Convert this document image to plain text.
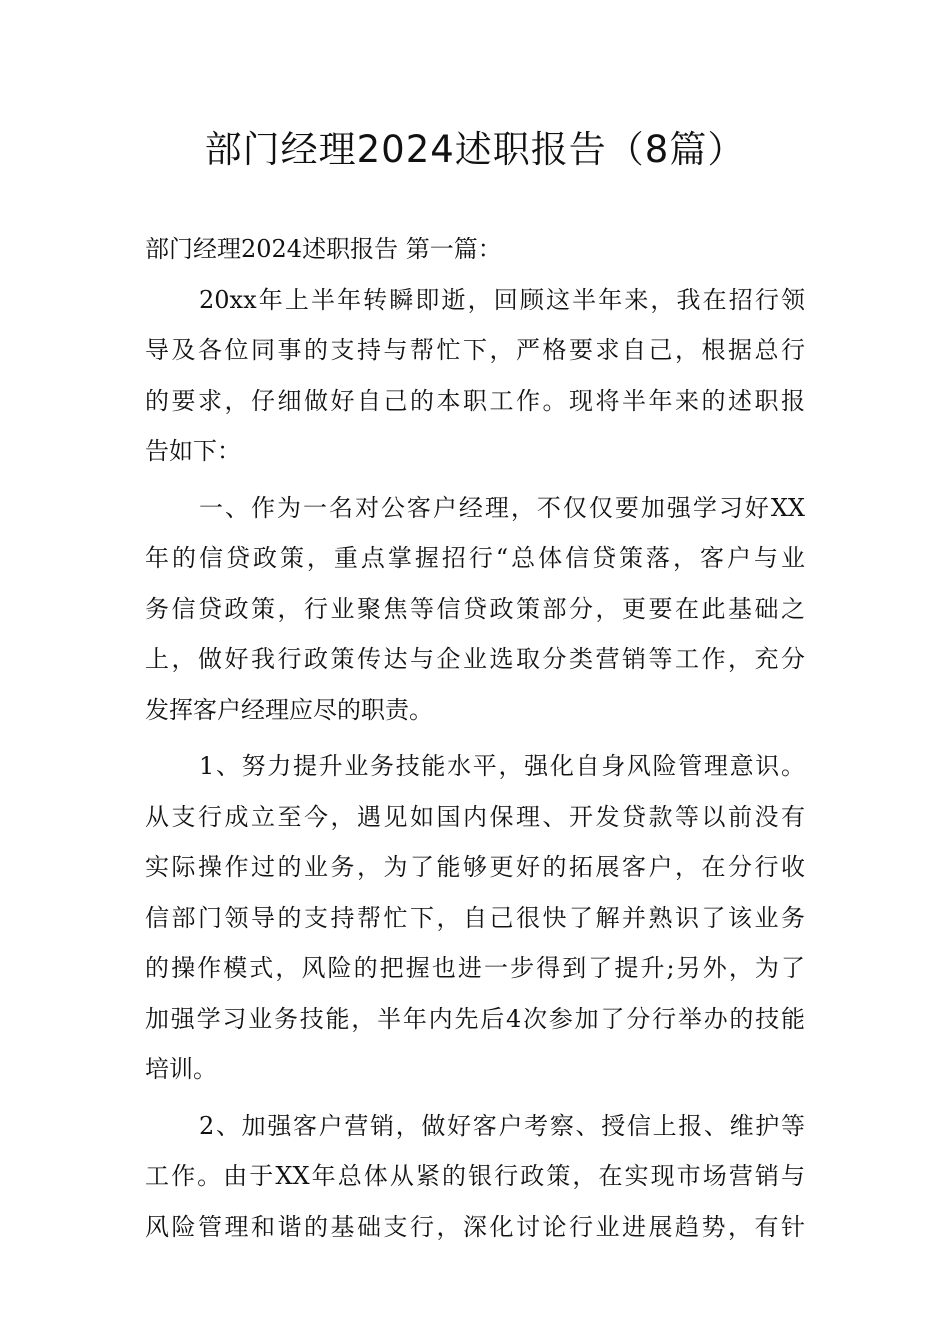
部门经理2024述职报告（8篇）

部门经理2024述职报告 第一篇：

20xx年上半年转瞬即逝，回顾这半年来，我在招行领
导及各位同事的支持与帮忙下，严格要求自己，根据总行
的要求，仔细做好自己的本职工作。现将半年来的述职报
告如下：
一、作为一名对公客户经理，不仅仅要加强学习好XX
年的信贷政策，重点掌握招行“总体信贷策落，客户与业
务信贷政策，行业聚焦等信贷政策部分，更要在此基础之
上，做好我行政策传达与企业选取分类营销等工作，充分
发挥客户经理应尽的职责。
1、努力提升业务技能水平，强化自身风险管理意识。
从支行成立至今，遇见如国内保理、开发贷款等以前没有
实际操作过的业务，为了能够更好的拓展客户，在分行收
信部门领导的支持帮忙下，自己很快了解并熟识了该业务
的操作模式，风险的把握也进一步得到了提升;另外，为了
加强学习业务技能，半年内先后4次参加了分行举办的技能
培训。
2、加强客户营销，做好客户考察、授信上报、维护等
工作。由于XX年总体从紧的银行政策，在实现市场营销与
风险管理和谐的基础支行，深化讨论行业进展趋势，有针
